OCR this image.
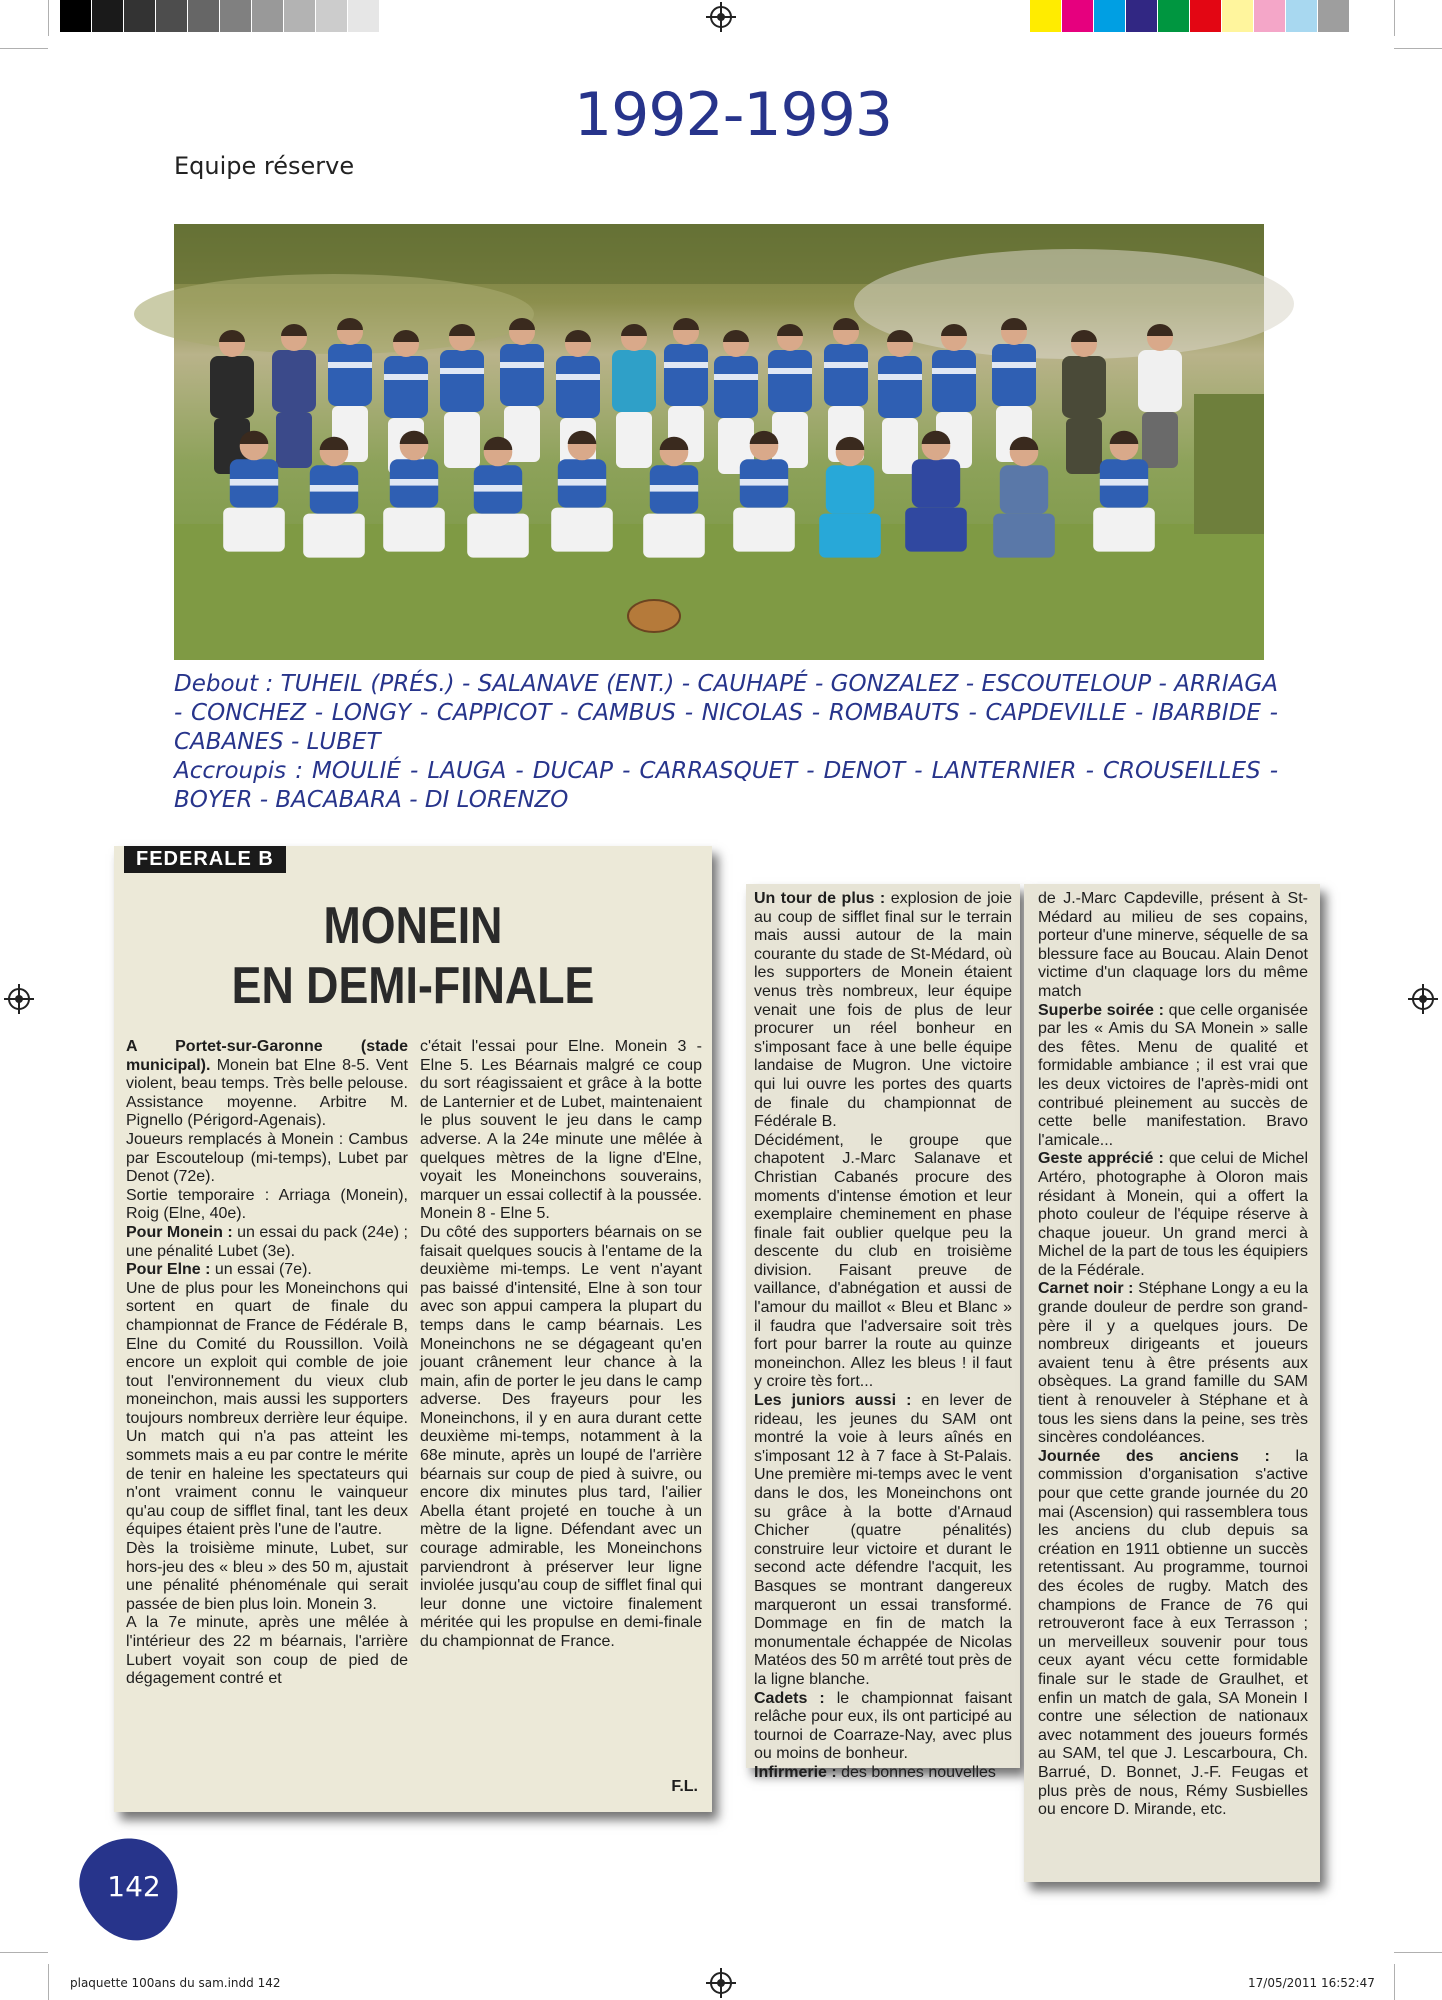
1992-1993
Equipe réserve

Debout : TUHEIL (PRÉS.) - SALANAVE (ENT.) - CAUHAPÉ - GONZALEZ - ESCOUTELOUP - ARRIAGA - CONCHEZ - LONGY - CAPPICOT - CAMBUS - NICOLAS - ROMBAUTS - CAPDEVILLE - IBARBIDE - CABANES - LUBET

Accroupis : MOULIÉ - LAUGA - DUCAP - CARRASQUET - DENOT - LANTERNIER - CROUSEILLES - BOYER - BACABARA - DI LORENZO

FEDERALE B
MONEIN
EN DEMI-FINALE

A Portet-sur-Garonne (stade municipal). Monein bat Elne 8-5. Vent violent, beau temps. Très belle pelouse. Assistance moyenne. Arbitre M. Pignello (Périgord-Agenais).

Joueurs remplacés à Monein : Cambus par Escouteloup (mi-temps), Lubet par Denot (72e).

Sortie temporaire : Arriaga (Monein), Roig (Elne, 40e).

Pour Monein : un essai du pack (24e) ; une pénalité Lubet (3e).

Pour Elne : un essai (7e).

Une de plus pour les Moneinchons qui sortent en quart de finale du championnat de France de Fédérale B, Elne du Comité du Roussillon. Voilà encore un exploit qui comble de joie tout l'environnement du vieux club moneinchon, mais aussi les supporters toujours nombreux derrière leur équipe. Un match qui n'a pas atteint les sommets mais a eu par contre le mérite de tenir en haleine les spectateurs qui n'ont vraiment connu le vainqueur qu'au coup de sifflet final, tant les deux équipes étaient près l'une de l'autre.

Dès la troisième minute, Lubet, sur hors-jeu des « bleu » des 50 m, ajustait une pénalité phénoménale qui serait passée de bien plus loin. Monein 3.

A la 7e minute, après une mêlée à l'intérieur des 22 m béarnais, l'arrière Lubert voyait son coup de pied de dégagement contré et

c'était l'essai pour Elne. Monein 3 - Elne 5. Les Béarnais malgré ce coup du sort réagissaient et grâce à la botte de Lanternier et de Lubet, maintenaient le plus souvent le jeu dans le camp adverse. A la 24e minute une mêlée à quelques mètres de la ligne d'Elne, voyait les Moneinchons souverains, marquer un essai collectif à la poussée. Monein 8 - Elne 5.

Du côté des supporters béarnais on se faisait quelques soucis à l'entame de la deuxième mi-temps. Le vent n'ayant pas baissé d'intensité, Elne à son tour avec son appui campera la plupart du temps dans le camp béarnais. Les Moneinchons ne se dégageant qu'en jouant crânement leur chance à la main, afin de porter le jeu dans le camp adverse. Des frayeurs pour les Moneinchons, il y en aura durant cette deuxième mi-temps, notamment à la 68e minute, après un loupé de l'arrière béarnais sur coup de pied à suivre, ou encore dix minutes plus tard, l'ailier Abella étant projeté en touche à un mètre de la ligne. Défendant avec un courage admirable, les Moneinchons parviendront à préserver leur ligne inviolée jusqu'au coup de sifflet final qui leur donne une victoire finalement méritée qui les propulse en demi-finale du championnat de France.

F.L.

Un tour de plus : explosion de joie au coup de sifflet final sur le terrain mais aussi autour de la main courante du stade de St-Médard, où les supporters de Monein étaient venus très nombreux, leur équipe venait une fois de plus de leur procurer un réel bonheur en s'imposant face à une belle équipe landaise de Mugron. Une victoire qui lui ouvre les portes des quarts de finale du championnat de Fédérale B.

Décidément, le groupe que chapotent J.-Marc Salanave et Christian Cabanés procure des moments d'intense émotion et leur exemplaire cheminement en phase finale fait oublier quelque peu la descente du club en troisième division. Faisant preuve de vaillance, d'abnégation et aussi de l'amour du maillot « Bleu et Blanc » il faudra que l'adversaire soit très fort pour barrer la route au quinze moneinchon. Allez les bleus ! il faut y croire tès fort...

Les juniors aussi : en lever de rideau, les jeunes du SAM ont montré la voie à leurs aînés en s'imposant 12 à 7 face à St-Palais. Une première mi-temps avec le vent dans le dos, les Moneinchons ont su grâce à la botte d'Arnaud Chicher (quatre pénalités) construire leur victoire et durant le second acte défendre l'acquit, les Basques se montrant dangereux marqueront un essai transformé. Dommage en fin de match la monumentale échappée de Nicolas Matéos des 50 m arrêté tout près de la ligne blanche.

Cadets : le championnat faisant relâche pour eux, ils ont participé au tournoi de Coarraze-Nay, avec plus ou moins de bonheur.

Infirmerie : des bonnes nouvelles

de J.-Marc Capdeville, présent à St-Médard au milieu de ses copains, porteur d'une minerve, séquelle de sa blessure face au Boucau. Alain Denot victime d'un claquage lors du même match

Superbe soirée : que celle organisée par les « Amis du SA Monein » salle des fêtes. Menu de qualité et formidable ambiance ; il est vrai que les deux victoires de l'après-midi ont contribué pleinement au succès de cette belle manifestation. Bravo l'amicale...

Geste apprécié : que celui de Michel Artéro, photographe à Oloron mais résidant à Monein, qui a offert la photo couleur de l'équipe réserve à chaque joueur. Un grand merci à Michel de la part de tous les équipiers de la Fédérale.

Carnet noir : Stéphane Longy a eu la grande douleur de perdre son grand-père il y a quelques jours. De nombreux dirigeants et joueurs avaient tenu à être présents aux obsèques. La grand famille du SAM tient à renouveler à Stéphane et à tous les siens dans la peine, ses très sincères condoléances.

Journée des anciens : la commission d'organisation s'active pour que cette grande journée du 20 mai (Ascension) qui rassemblera tous les anciens du club depuis sa création en 1911 obtienne un succès retentissant. Au programme, tournoi des écoles de rugby. Match des champions de France de 76 qui retrouveront face à eux Terrasson ; un merveilleux souvenir pour tous ceux ayant vécu cette formidable finale sur le stade de Graulhet, et enfin un match de gala, SA Monein I contre une sélection de nationaux avec notamment des joueurs formés au SAM, tel que J. Lescarboura, Ch. Barrué, D. Bonnet, J.-F. Feugas et plus près de nous, Rémy Susbielles ou encore D. Mirande, etc.

142
plaquette 100ans du sam.indd 142	17/05/2011 16:52:47
